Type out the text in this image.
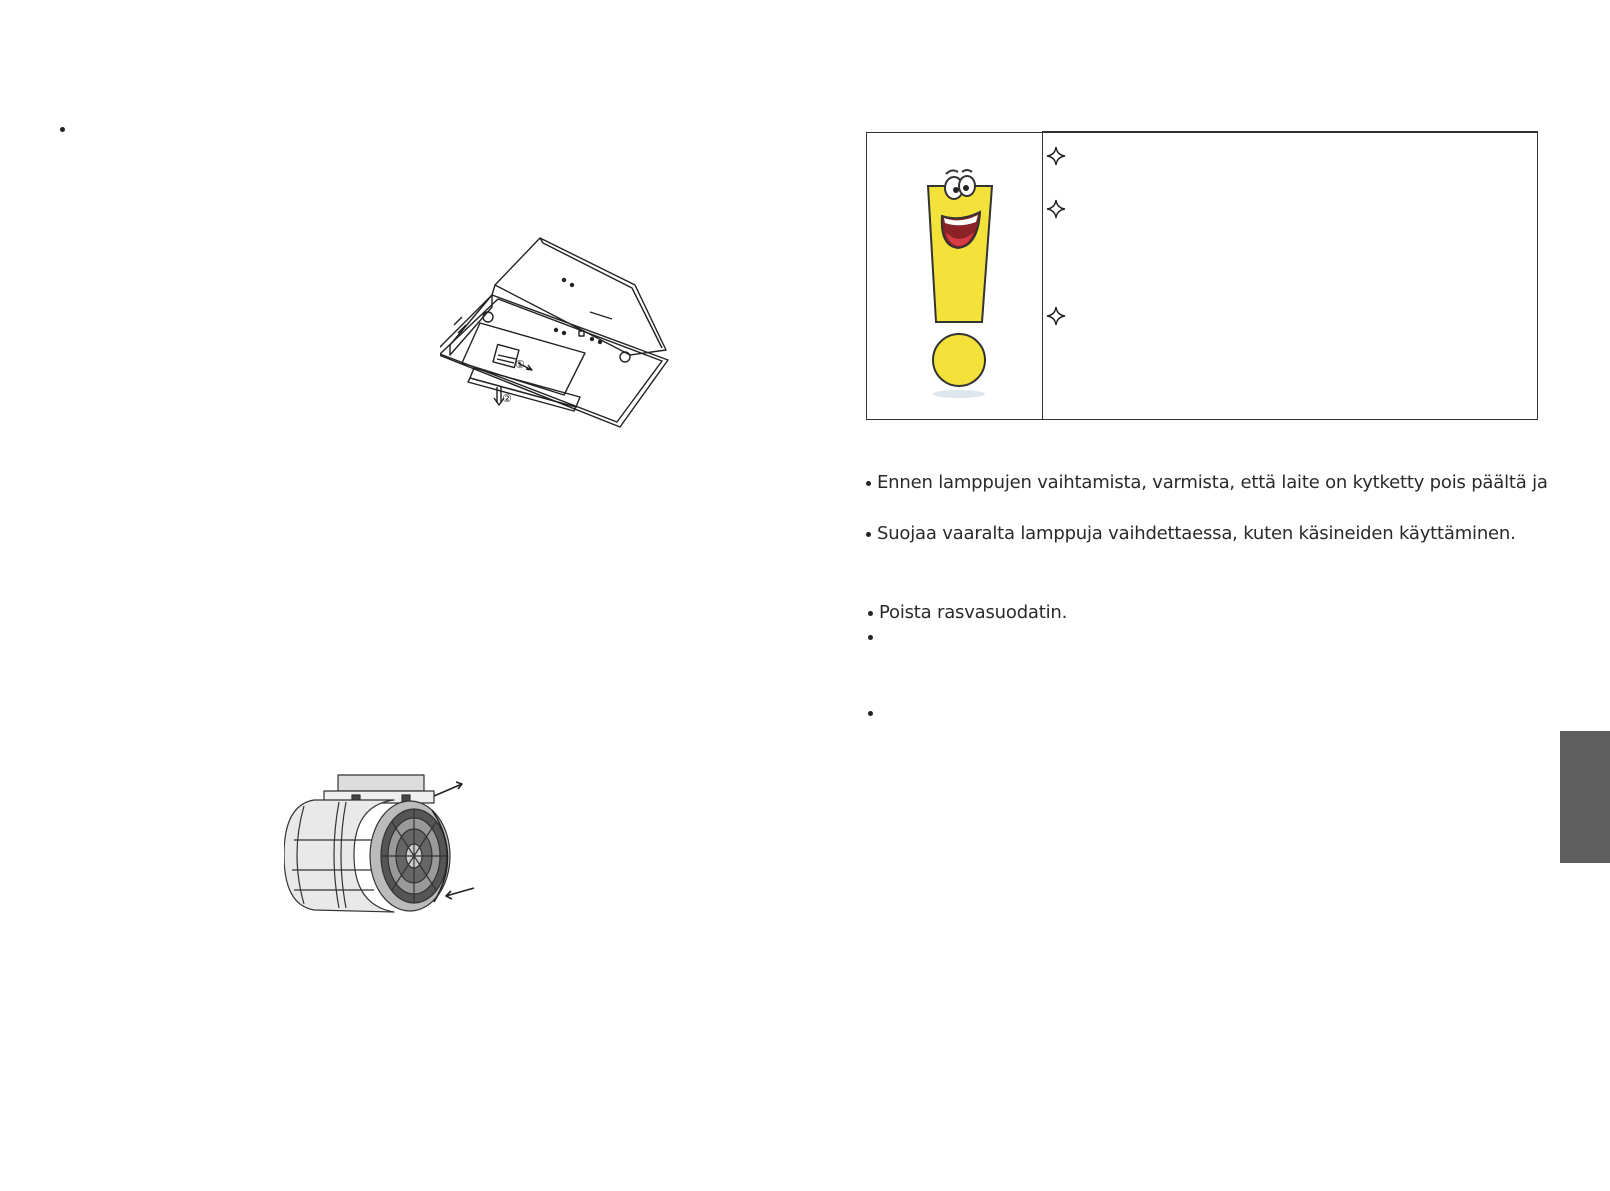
①
②
Ennen lamppujen vaihtamista, varmista, että laite on kytketty pois päältä ja
Suojaa vaaralta lamppuja vaihdettaessa, kuten käsineiden käyttäminen.
Poista rasvasuodatin.
